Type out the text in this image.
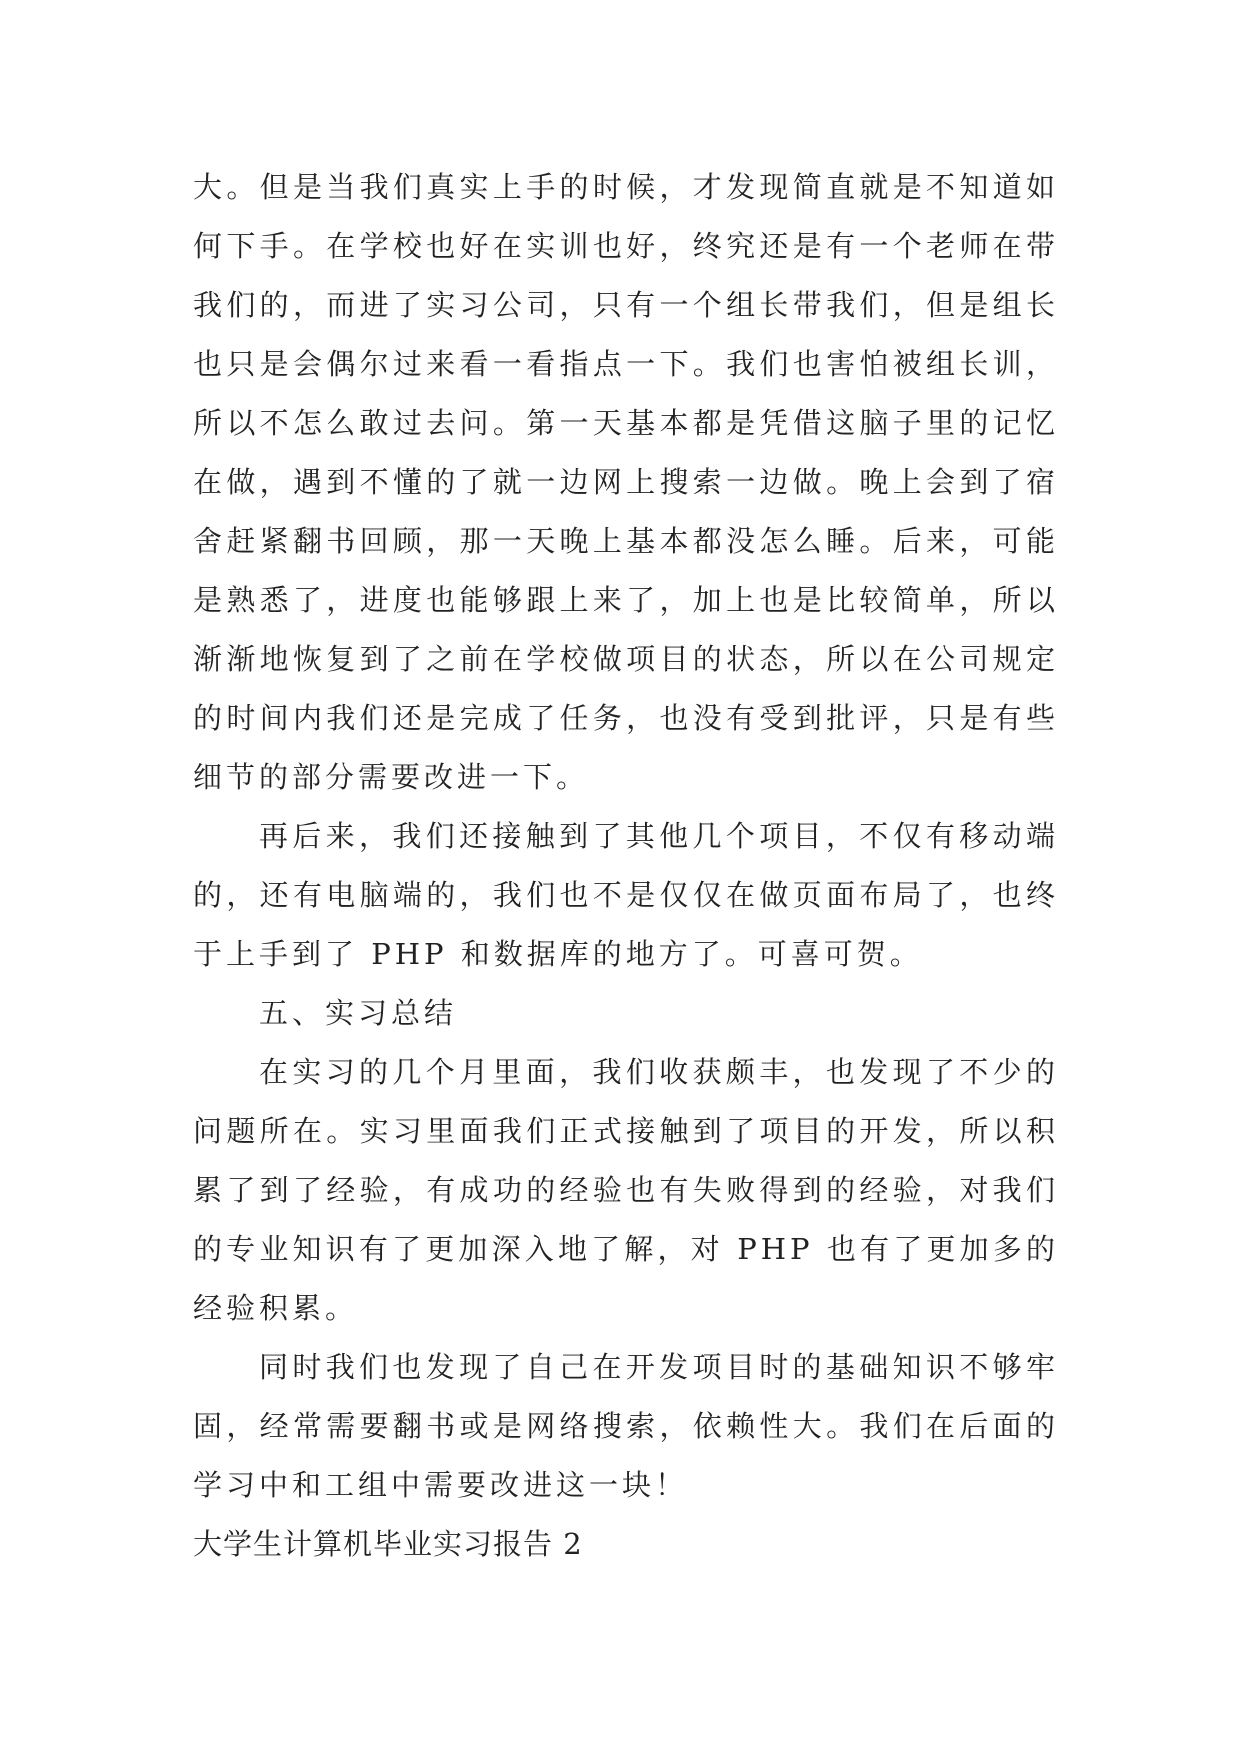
大。但是当我们真实上手的时候，才发现简直就是不知道如何下手。在学校也好在实训也好，终究还是有一个老师在带我们的，而进了实习公司，只有一个组长带我们，但是组长也只是会偶尔过来看一看指点一下。我们也害怕被组长训，所以不怎么敢过去问。第一天基本都是凭借这脑子里的记忆在做，遇到不懂的了就一边网上搜索一边做。晚上会到了宿舍赶紧翻书回顾，那一天晚上基本都没怎么睡。后来，可能是熟悉了，进度也能够跟上来了，加上也是比较简单，所以渐渐地恢复到了之前在学校做项目的状态，所以在公司规定的时间内我们还是完成了任务，也没有受到批评，只是有些细节的部分需要改进一下。

再后来，我们还接触到了其他几个项目，不仅有移动端的，还有电脑端的，我们也不是仅仅在做页面布局了，也终于上手到了 PHP 和数据库的地方了。可喜可贺。

五、实习总结

在实习的几个月里面，我们收获颇丰，也发现了不少的问题所在。实习里面我们正式接触到了项目的开发，所以积累了到了经验，有成功的经验也有失败得到的经验，对我们的专业知识有了更加深入地了解，对 PHP 也有了更加多的经验积累。

同时我们也发现了自己在开发项目时的基础知识不够牢固，经常需要翻书或是网络搜索，依赖性大。我们在后面的学习中和工组中需要改进这一块！

大学生计算机毕业实习报告 2
